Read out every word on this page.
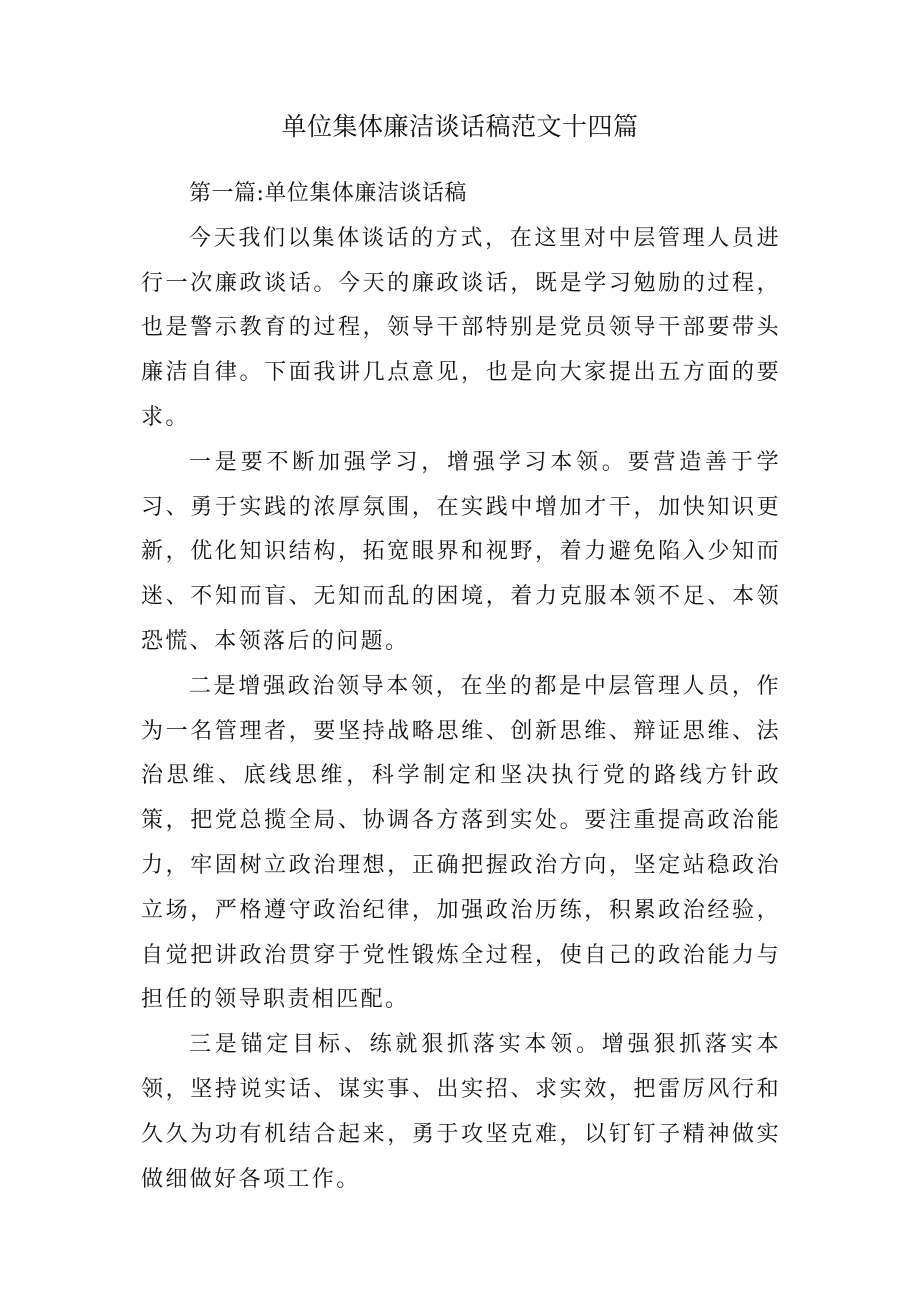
单位集体廉洁谈话稿范文十四篇

第一篇:单位集体廉洁谈话稿

今天我们以集体谈话的方式，在这里对中层管理人员进行一次廉政谈话。今天的廉政谈话，既是学习勉励的过程，也是警示教育的过程，领导干部特别是党员领导干部要带头廉洁自律。下面我讲几点意见，也是向大家提出五方面的要求。

一是要不断加强学习，增强学习本领。要营造善于学习、勇于实践的浓厚氛围，在实践中增加才干，加快知识更新，优化知识结构，拓宽眼界和视野，着力避免陷入少知而迷、不知而盲、无知而乱的困境，着力克服本领不足、本领恐慌、本领落后的问题。

二是增强政治领导本领，在坐的都是中层管理人员，作为一名管理者，要坚持战略思维、创新思维、辩证思维、法治思维、底线思维，科学制定和坚决执行党的路线方针政策，把党总揽全局、协调各方落到实处。要注重提高政治能力，牢固树立政治理想，正确把握政治方向，坚定站稳政治立场，严格遵守政治纪律，加强政治历练，积累政治经验，自觉把讲政治贯穿于党性锻炼全过程，使自己的政治能力与担任的领导职责相匹配。

三是锚定目标、练就狠抓落实本领。增强狠抓落实本领，坚持说实话、谋实事、出实招、求实效，把雷厉风行和久久为功有机结合起来，勇于攻坚克难，以钉钉子精神做实做细做好各项工作。
